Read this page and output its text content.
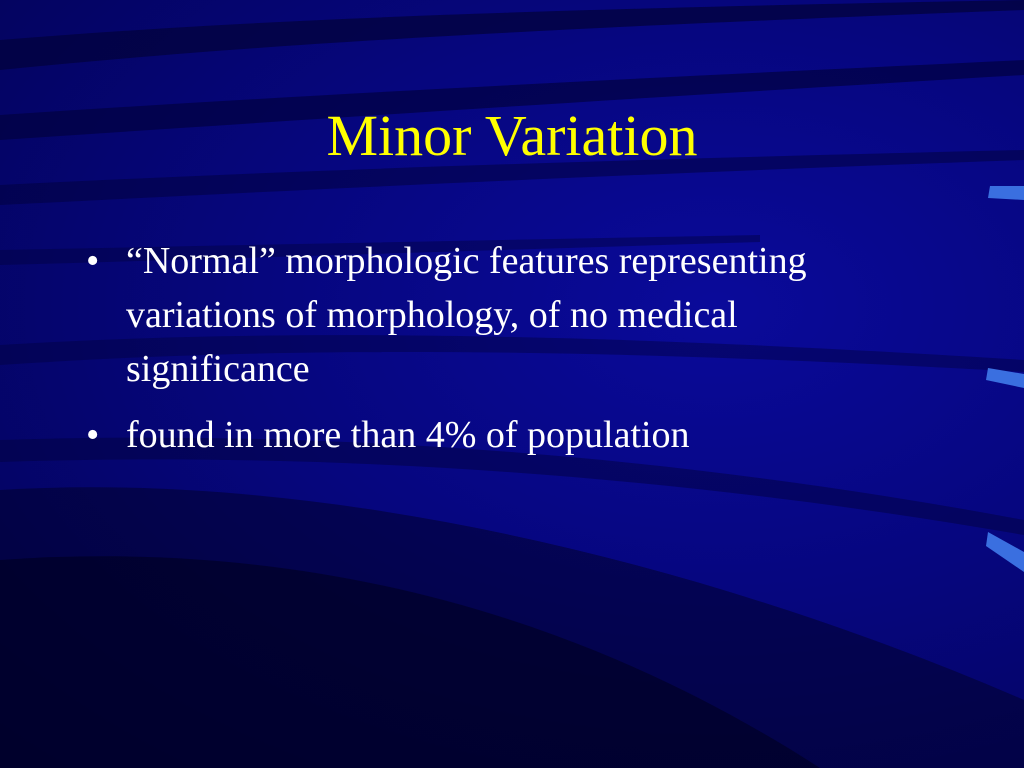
Minor Variation
• “Normal” morphologic features representing variations of morphology, of no medical significance
• found in more than 4% of population
